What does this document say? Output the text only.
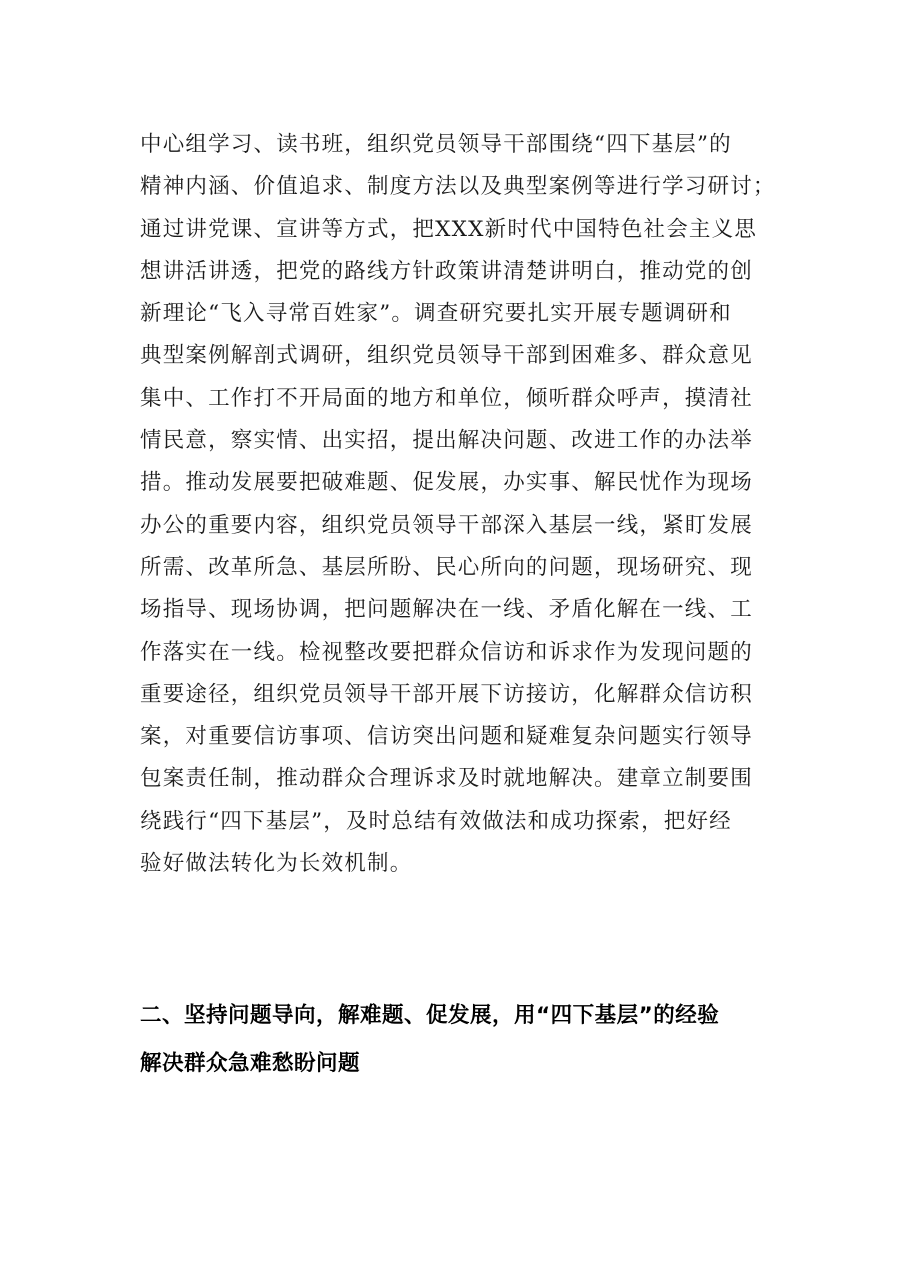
中心组学习、读书班，组织党员领导干部围绕“四下基层”的
精神内涵、价值追求、制度方法以及典型案例等进行学习研讨；
通过讲党课、宣讲等方式，把XXX新时代中国特色社会主义思
想讲活讲透，把党的路线方针政策讲清楚讲明白，推动党的创
新理论“飞入寻常百姓家”。调查研究要扎实开展专题调研和
典型案例解剖式调研，组织党员领导干部到困难多、群众意见
集中、工作打不开局面的地方和单位，倾听群众呼声，摸清社
情民意，察实情、出实招，提出解决问题、改进工作的办法举
措。推动发展要把破难题、促发展，办实事、解民忧作为现场
办公的重要内容，组织党员领导干部深入基层一线，紧盯发展
所需、改革所急、基层所盼、民心所向的问题，现场研究、现
场指导、现场协调，把问题解决在一线、矛盾化解在一线、工
作落实在一线。检视整改要把群众信访和诉求作为发现问题的
重要途径，组织党员领导干部开展下访接访，化解群众信访积
案，对重要信访事项、信访突出问题和疑难复杂问题实行领导
包案责任制，推动群众合理诉求及时就地解决。建章立制要围
绕践行“四下基层”，及时总结有效做法和成功探索，把好经
验好做法转化为长效机制。
二、坚持问题导向，解难题、促发展，用“四下基层”的经验
解决群众急难愁盼问题
